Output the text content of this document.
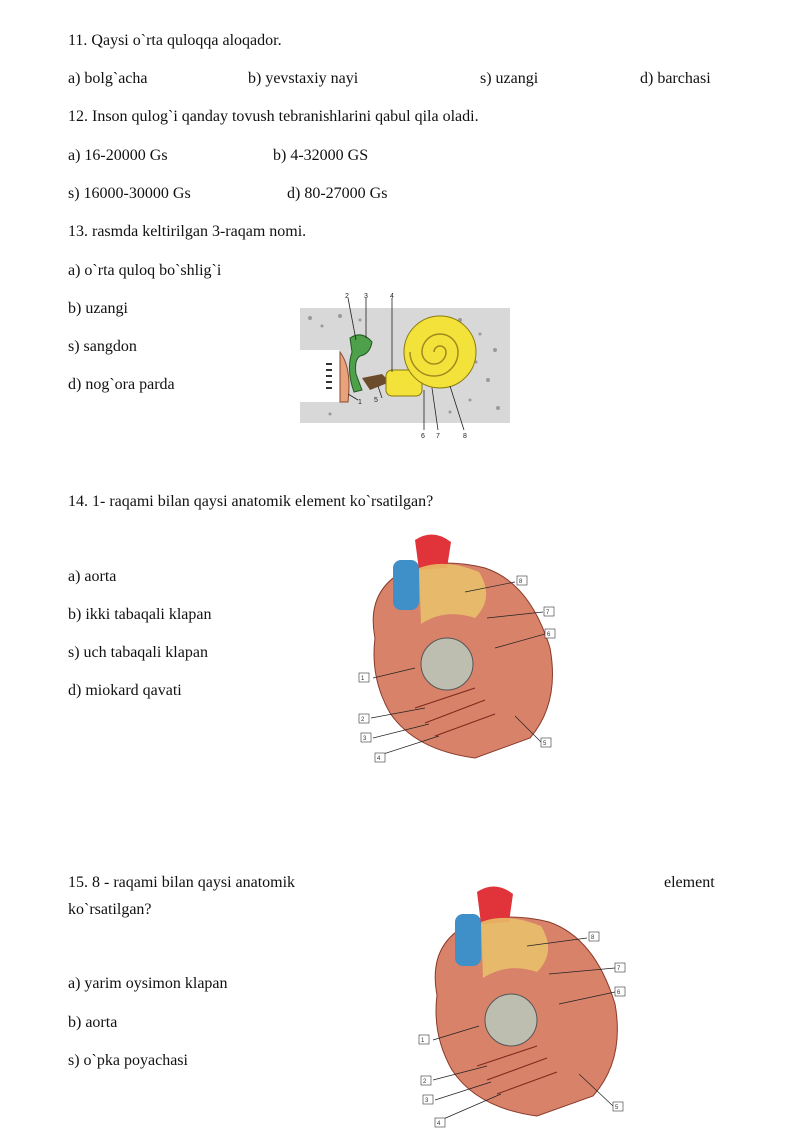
11. Qaysi o`rta quloqqa aloqador.
a) bolg`acha	b) yevstaxiy nayi	s) uzangi	d) barchasi
12. Inson qulog`i qanday tovush tebranishlarini qabul qila oladi.
a) 16-20000 Gs	b) 4-32000 GS
s) 16000-30000 Gs	d) 80-27000 Gs
13. rasmda keltirilgan 3-raqam nomi.
a) o`rta quloq bo`shlig`i
b) uzangi
s) sangdon
d) nog`ora parda
2 3	4
1 5
6 7	8
14. 1- raqami bilan qaysi anatomik element ko`rsatilgan?
a) aorta
b) ikki tabaqali klapan
s) uch tabaqali klapan
d) miokard qavati
8
7
6
1
2
3
4
5
15. 8 - raqami bilan qaysi anatomik	element
ko`rsatilgan?
a) yarim oysimon klapan
b) aorta
s) o`pka poyachasi
8
7
6
1
2
3
4
5
